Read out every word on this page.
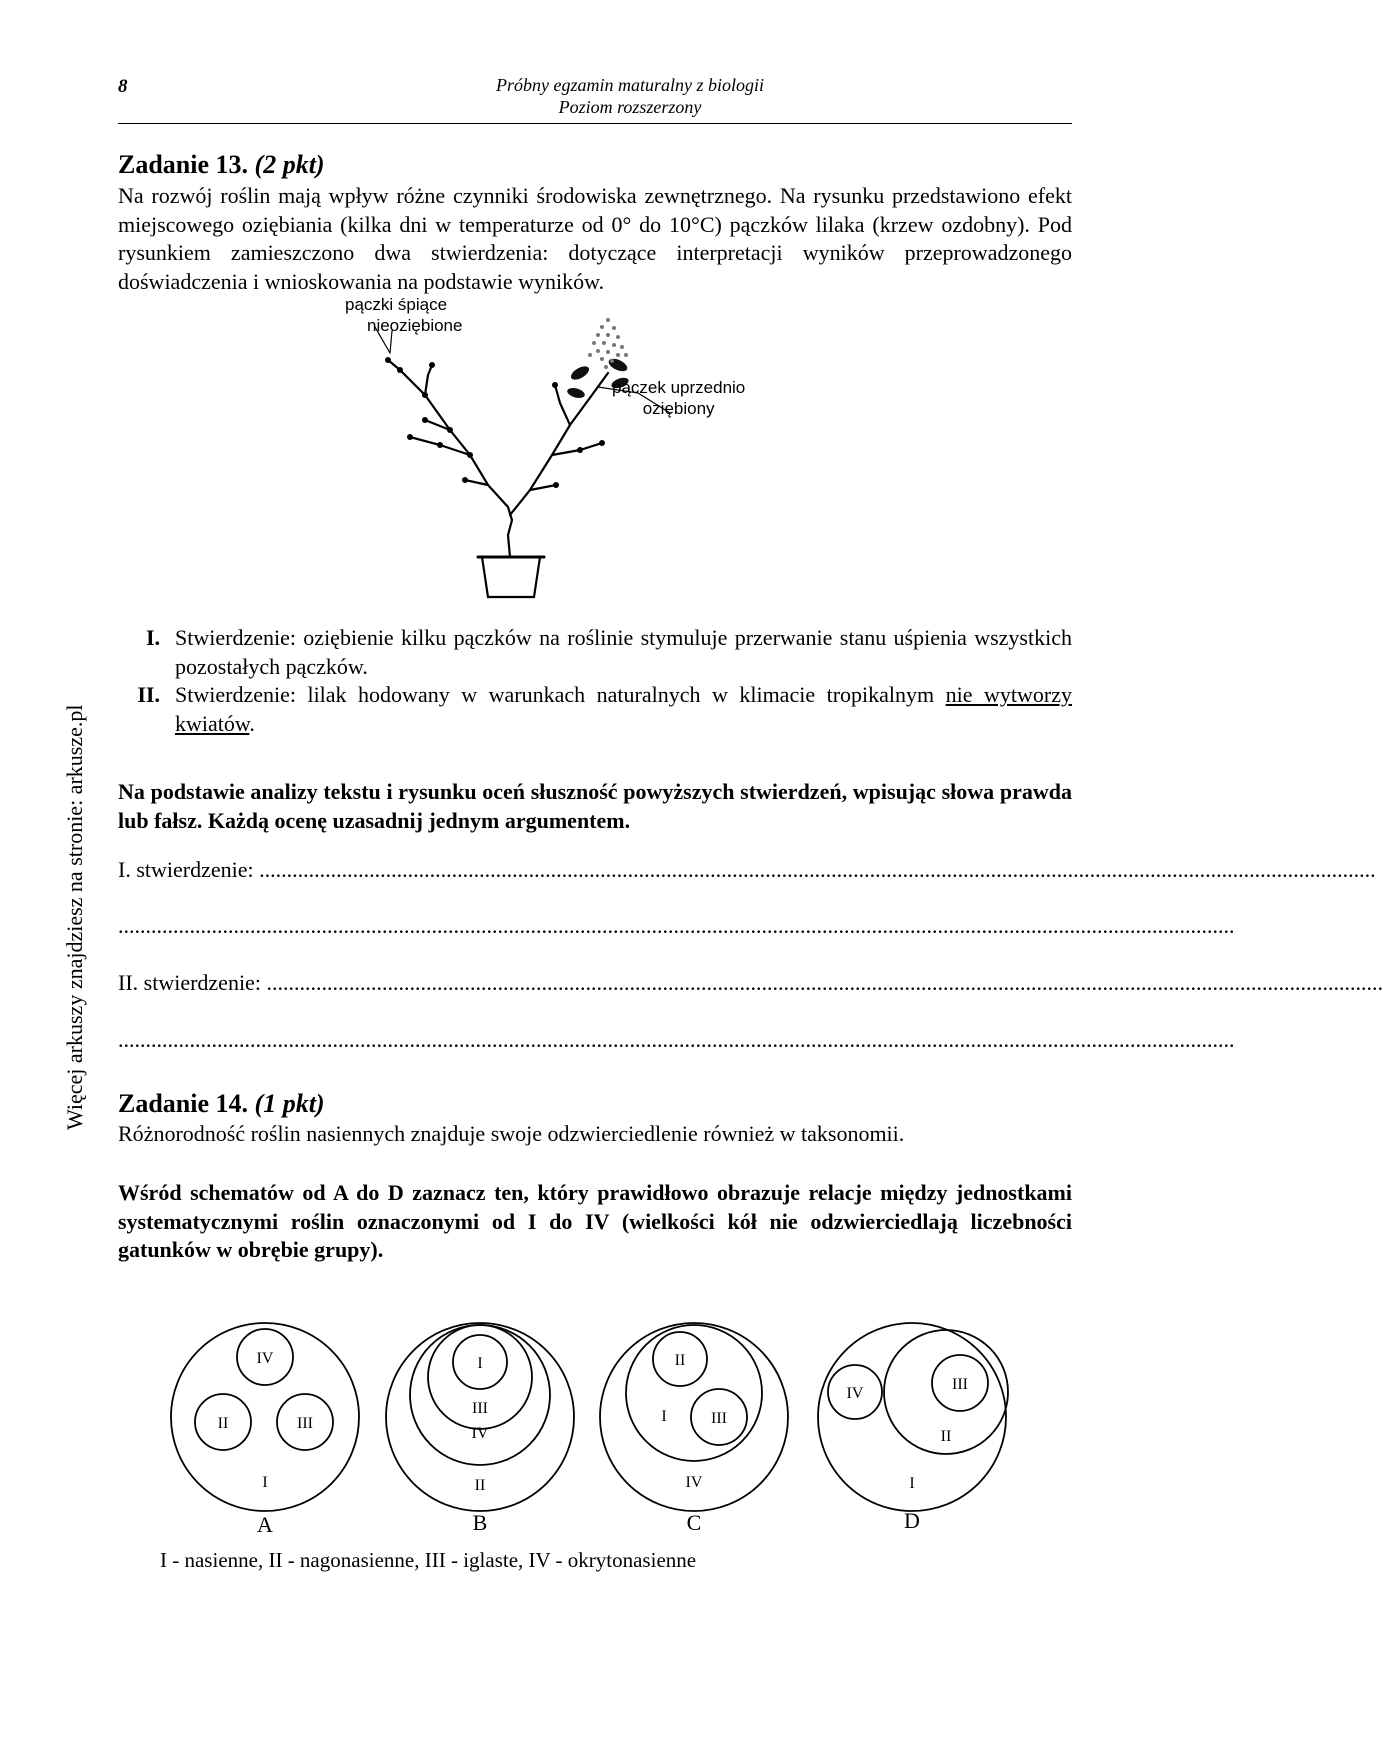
8	Próbny egzamin maturalny z biologii
Poziom rozszerzony
Więcej arkuszy znajdziesz na stronie: arkusze.pl
Zadanie 13. (2 pkt)
Na rozwój roślin mają wpływ różne czynniki środowiska zewnętrznego. Na rysunku przedstawiono efekt miejscowego oziębiania (kilka dni w temperaturze od 0° do 10°C) pączków lilaka (krzew ozdobny). Pod rysunkiem zamieszczono dwa stwierdzenia: dotyczące interpretacji wyników przeprowadzonego doświadczenia i wnioskowania na podstawie wyników.
pączki śpiące
nieoziębione
pączek uprzednio
oziębiony
I. Stwierdzenie: oziębienie kilku pączków na roślinie stymuluje przerwanie stanu uśpienia wszystkich pozostałych pączków.
II. Stwierdzenie: lilak hodowany w warunkach naturalnych w klimacie tropikalnym nie wytworzy kwiatów.
Na podstawie analizy tekstu i rysunku oceń słuszność powyższych stwierdzeń, wpisując słowa prawda lub fałsz. Każdą ocenę uzasadnij jednym argumentem.
I. stwierdzenie: ...........................................................................................................................................................................................................
...........................................................................................................................................................................................................
II. stwierdzenie: ...........................................................................................................................................................................................................
...........................................................................................................................................................................................................
Zadanie 14. (1 pkt)
Różnorodność roślin nasiennych znajduje swoje odzwierciedlenie również w taksonomii.
Wśród schematów od A do D zaznacz ten, który prawidłowo obrazuje relacje między jednostkami systematycznymi roślin oznaczonymi od I do IV (wielkości kół nie odzwierciedlają liczebności gatunków w obrębie grupy).
IV
II	III
I
I
III
IV
II
II
I	III
IV
IV
III
II
I
A	B	C	D
I - nasienne, II - nagonasienne, III - iglaste, IV - okrytonasienne
